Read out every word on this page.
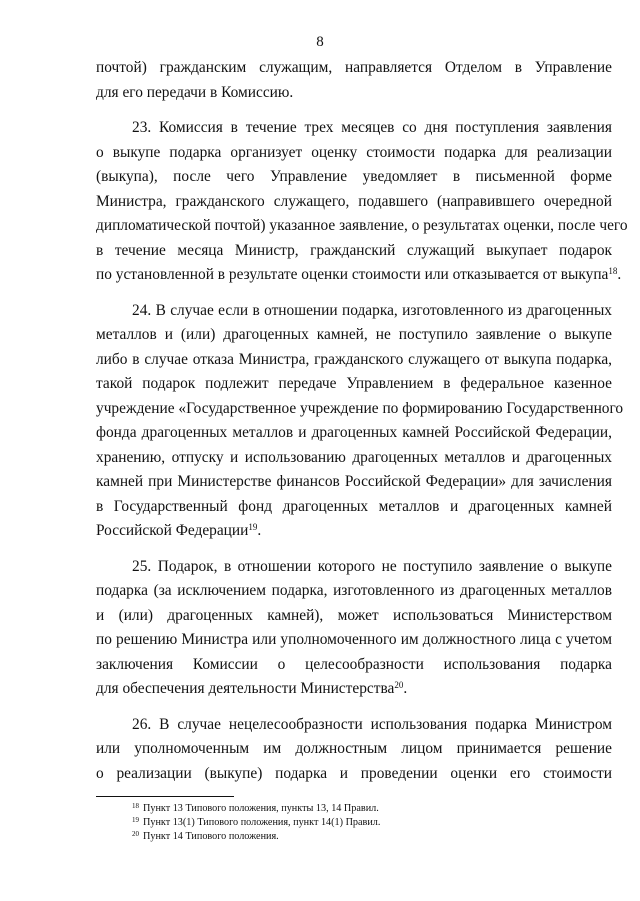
8
почтой) гражданским служащим, направляется Отделом в Управление
для его передачи в Комиссию.
23. Комиссия в течение трех месяцев со дня поступления заявления
о выкупе подарка организует оценку стоимости подарка для реализации
(выкупа), после чего Управление уведомляет в письменной форме
Министра, гражданского служащего, подавшего (направившего очередной
дипломатической почтой) указанное заявление, о результатах оценки, после чего
в течение месяца Министр, гражданский служащий выкупает подарок
по установленной в результате оценки стоимости или отказывается от выкупа$^{18}$.
24. В случае если в отношении подарка, изготовленного из драгоценных
металлов и (или) драгоценных камней, не поступило заявление о выкупе
либо в случае отказа Министра, гражданского служащего от выкупа подарка,
такой подарок подлежит передаче Управлением в федеральное казенное
учреждение «Государственное учреждение по формированию Государственного
фонда драгоценных металлов и драгоценных камней Российской Федерации,
хранению, отпуску и использованию драгоценных металлов и драгоценных
камней при Министерстве финансов Российской Федерации» для зачисления
в Государственный фонд драгоценных металлов и драгоценных камней
Российской Федерации$^{19}$.
25. Подарок, в отношении которого не поступило заявление о выкупе
подарка (за исключением подарка, изготовленного из драгоценных металлов
и (или) драгоценных камней), может использоваться Министерством
по решению Министра или уполномоченного им должностного лица с учетом
заключения Комиссии о целесообразности использования подарка
для обеспечения деятельности Министерства$^{20}$.
26. В случае нецелесообразности использования подарка Министром
или уполномоченным им должностным лицом принимается решение
о реализации (выкупе) подарка и проведении оценки его стоимости
$^{18}$ Пункт 13 Типового положения, пункты 13, 14 Правил.
$^{19}$ Пункт 13(1) Типового положения, пункт 14(1) Правил.
$^{20}$ Пункт 14 Типового положения.
